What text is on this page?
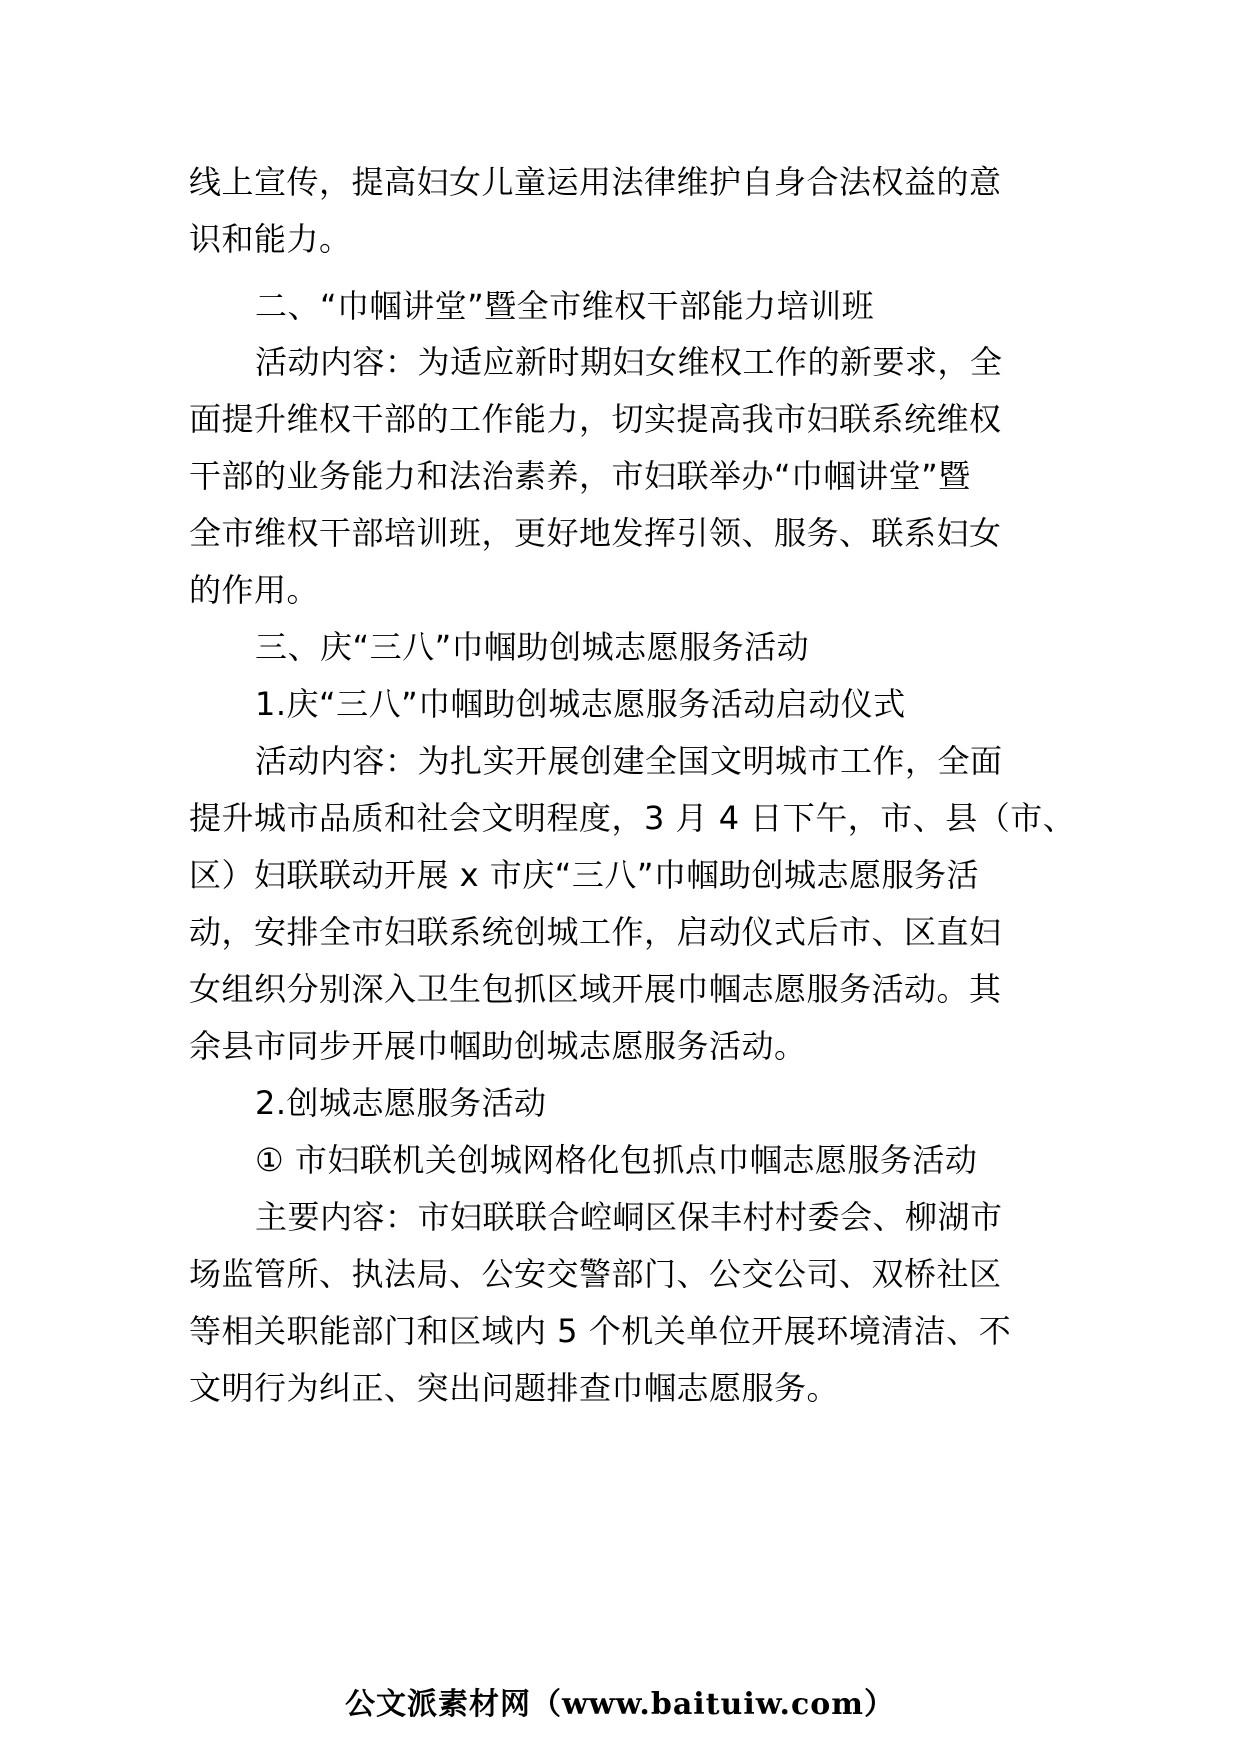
线上宣传，提高妇女儿童运用法律维护自身合法权益的意
识和能力。
二、“巾帼讲堂”暨全市维权干部能力培训班
活动内容：为适应新时期妇女维权工作的新要求，全
面提升维权干部的工作能力，切实提高我市妇联系统维权
干部的业务能力和法治素养，市妇联举办“巾帼讲堂”暨
全市维权干部培训班，更好地发挥引领、服务、联系妇女
的作用。
三、庆“三八”巾帼助创城志愿服务活动
1.庆“三八”巾帼助创城志愿服务活动启动仪式
活动内容：为扎实开展创建全国文明城市工作，全面
提升城市品质和社会文明程度，3 月 4 日下午，市、县（市、
区）妇联联动开展 x 市庆“三八”巾帼助创城志愿服务活
动，安排全市妇联系统创城工作，启动仪式后市、区直妇
女组织分别深入卫生包抓区域开展巾帼志愿服务活动。其
余县市同步开展巾帼助创城志愿服务活动。
2.创城志愿服务活动
① 市妇联机关创城网格化包抓点巾帼志愿服务活动
主要内容：市妇联联合崆峒区保丰村村委会、柳湖市
场监管所、执法局、公安交警部门、公交公司、双桥社区
等相关职能部门和区域内 5 个机关单位开展环境清洁、不
文明行为纠正、突出问题排查巾帼志愿服务。
公文派素材网（www.baituiw.com）
